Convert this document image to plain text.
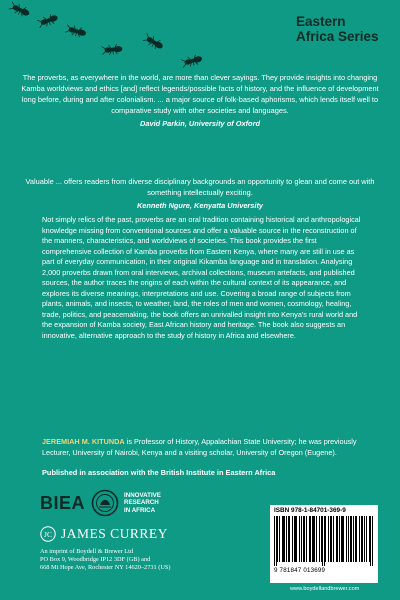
Eastern
Africa Series
The proverbs, as everywhere in the world, are more than clever sayings. They provide insights into changing Kamba worldviews and ethics [and] reflect legends/possible facts of history, and the influence of development long before, during and after colonialism. ... a major source of folk-based aphorisms, which lends itself well to comparative study with other societies and languages.
David Parkin, University of Oxford
Valuable ... offers readers from diverse disciplinary backgrounds an opportunity to glean and come out with something intellectually exciting.
Kenneth Ngure, Kenyatta University
Not simply relics of the past, proverbs are an oral tradition containing historical and anthropological knowledge missing from conventional sources and offer a valuable source in the reconstruction of the manners, characteristics, and worldviews of societies. This book provides the first comprehensive collection of Kamba proverbs from Eastern Kenya, where many are still in use as part of everyday communication, in their original Kikamba language and in translation. Analysing 2,000 proverbs drawn from oral interviews, archival collections, museum artefacts, and published sources, the author traces the origins of each within the cultural context of its appearance, and explores its diverse meanings, interpretations and use. Covering a broad range of subjects from plants, animals, and insects, to weather, land, the roles of men and women, cosmology, healing, trade, politics, and peacemaking, the book offers an unrivalled insight into Kenya's rural world and the expansion of Kamba society, East African history and heritage. The book also suggests an innovative, alternative approach to the study of history in Africa and elsewhere.
JEREMIAH M. KITUNDA is Professor of History, Appalachian State University; he was previously Lecturer, University of Nairobi, Kenya and a visiting scholar, University of Oregon (Eugene).
Published in association with the British Institute in Eastern Africa
BIEA	INNOVATIVE
RESEARCH
IN AFRICA
JC JAMES CURREY
An imprint of Boydell & Brewer Ltd
PO Box 9, Woodbridge IP12 3DF (GB) and
668 Mt Hope Ave, Rochester NY 14620–2731 (US)
ISBN 978-1-84701-369-9
9 781847 013699
www.boydellandbrewer.com
